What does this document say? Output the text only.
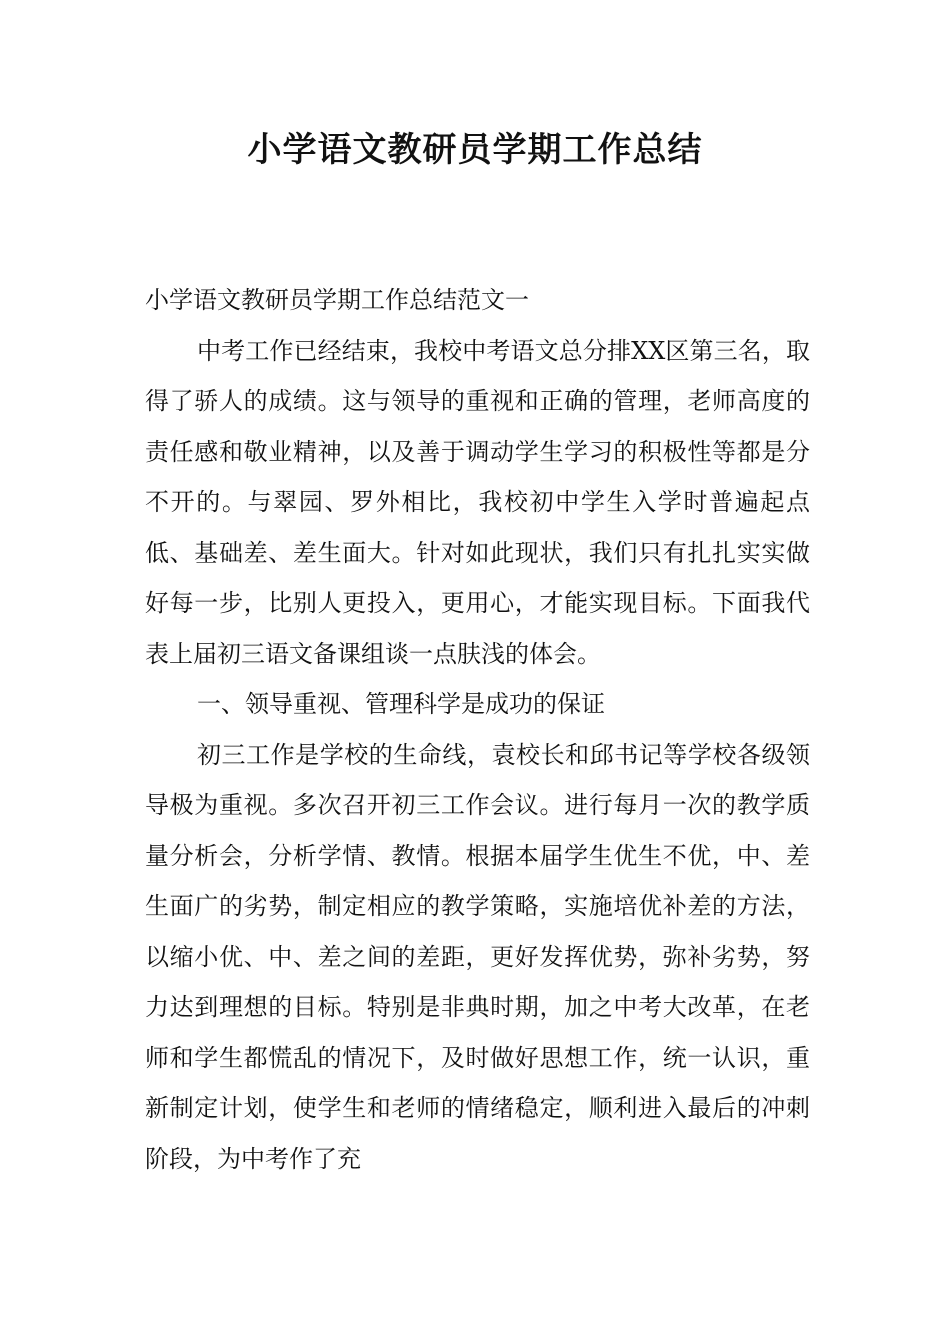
小学语文教研员学期工作总结

小学语文教研员学期工作总结范文一

中考工作已经结束，我校中考语文总分排XX区第三名，取得了骄人的成绩。这与领导的重视和正确的管理，老师高度的责任感和敬业精神，以及善于调动学生学习的积极性等都是分不开的。与翠园、罗外相比，我校初中学生入学时普遍起点低、基础差、差生面大。针对如此现状，我们只有扎扎实实做好每一步，比别人更投入，更用心，才能实现目标。下面我代表上届初三语文备课组谈一点肤浅的体会。

一、领导重视、管理科学是成功的保证

初三工作是学校的生命线，袁校长和邱书记等学校各级领导极为重视。多次召开初三工作会议。进行每月一次的教学质量分析会，分析学情、教情。根据本届学生优生不优，中、差生面广的劣势，制定相应的教学策略，实施培优补差的方法，以缩小优、中、差之间的差距，更好发挥优势，弥补劣势，努力达到理想的目标。特别是非典时期，加之中考大改革，在老师和学生都慌乱的情况下，及时做好思想工作，统一认识，重新制定计划，使学生和老师的情绪稳定，顺利进入最后的冲刺阶段，为中考作了充
